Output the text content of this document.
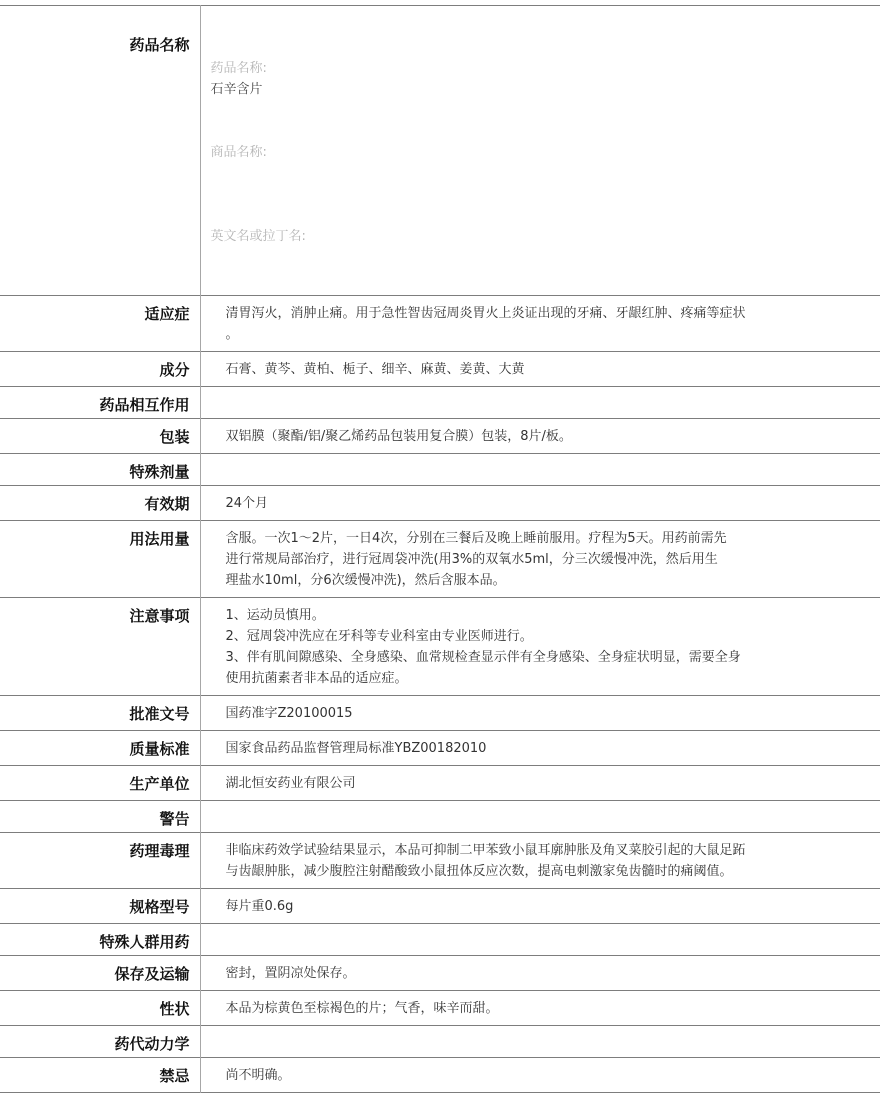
药品名称	药品名称:
石辛含片

商品名称:

英文名或拉丁名:

适应症	清胃泻火，消肿止痛。用于急性智齿冠周炎胃火上炎证出现的牙痛、牙龈红肿、疼痛等症状
。
成分	石膏、黄芩、黄柏、栀子、细辛、麻黄、姜黄、大黄
药品相互作用	
包装	双铝膜（聚酯/铝/聚乙烯药品包装用复合膜）包装，8片/板。
特殊剂量	
有效期	24个月
用法用量	含服。一次1～2片，一日4次，分别在三餐后及晚上睡前服用。疗程为5天。用药前需先
进行常规局部治疗，进行冠周袋冲洗(用3%的双氧水5ml，分三次缓慢冲洗，然后用生
理盐水10ml，分6次缓慢冲洗)，然后含服本品。
注意事项	1、运动员慎用。
2、冠周袋冲洗应在牙科等专业科室由专业医师进行。
3、伴有肌间隙感染、全身感染、血常规检查显示伴有全身感染、全身症状明显，需要全身
使用抗菌素者非本品的适应症。
批准文号	国药准字Z20100015
质量标准	国家食品药品监督管理局标准YBZ00182010
生产单位	湖北恒安药业有限公司
警告	
药理毒理	非临床药效学试验结果显示，本品可抑制二甲苯致小鼠耳廓肿胀及角叉菜胶引起的大鼠足跖
与齿龈肿胀，减少腹腔注射醋酸致小鼠扭体反应次数，提高电刺激家兔齿髓时的痛阈值。
规格型号	每片重0.6g
特殊人群用药	
保存及运输	密封，置阴凉处保存。
性状	本品为棕黄色至棕褐色的片；气香，味辛而甜。
药代动力学	
禁忌	尚不明确。
